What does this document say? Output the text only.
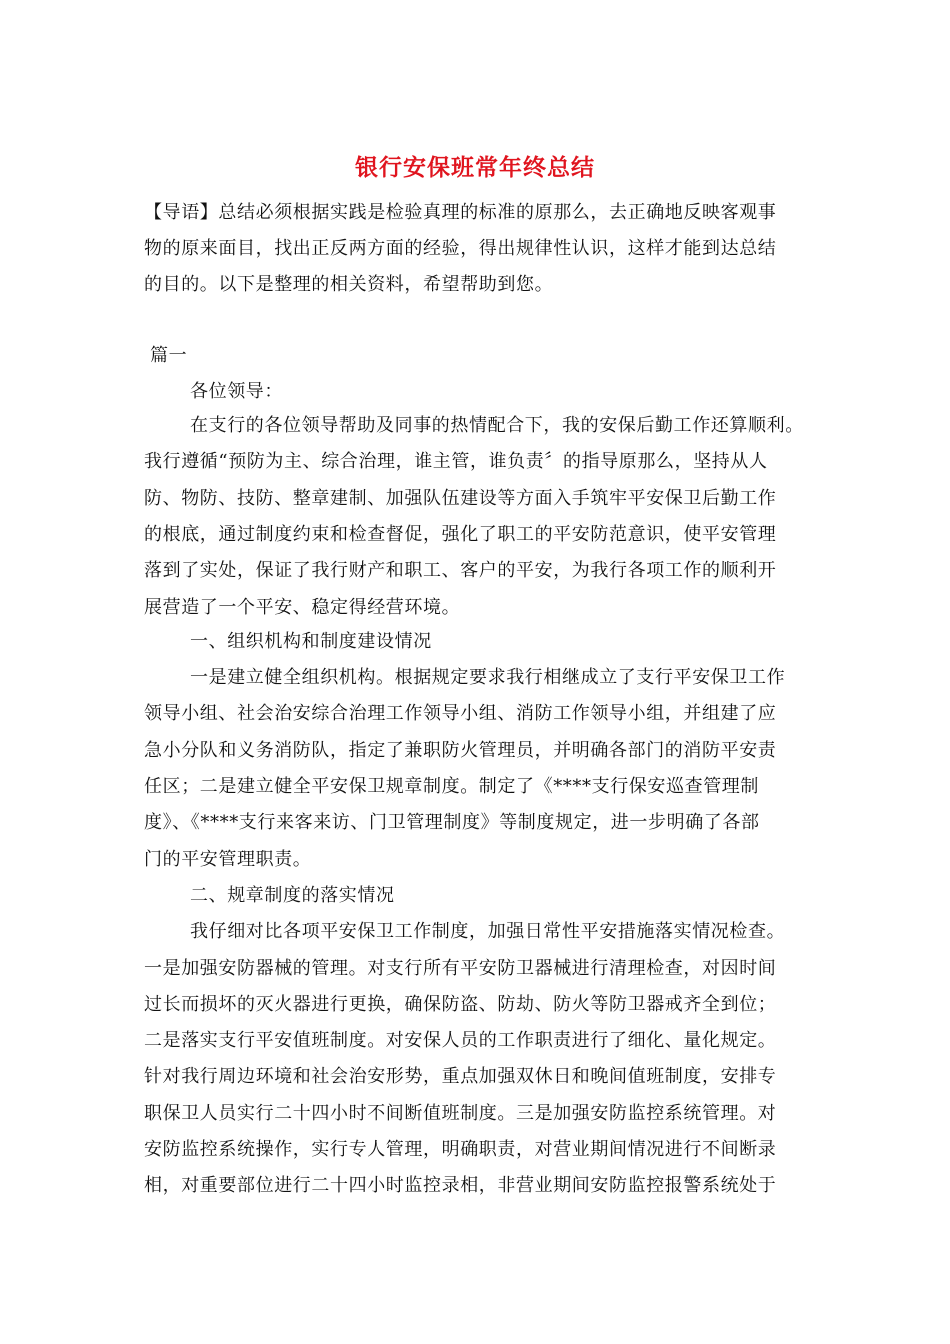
银行安保班常年终总结
【导语】总结必须根据实践是检验真理的标准的原那么，去正确地反映客观事
物的原来面目，找出正反两方面的经验，得出规律性认识，这样才能到达总结
的目的。以下是整理的相关资料，希望帮助到您。
篇一
各位领导：
在支行的各位领导帮助及同事的热情配合下，我的安保后勤工作还算顺利。
我行遵循“预防为主、综合治理，谁主管，谁负责〞的指导原那么，坚持从人
防、物防、技防、整章建制、加强队伍建设等方面入手筑牢平安保卫后勤工作
的根底，通过制度约束和检查督促，强化了职工的平安防范意识，使平安管理
落到了实处，保证了我行财产和职工、客户的平安，为我行各项工作的顺利开
展营造了一个平安、稳定得经营环境。
一、组织机构和制度建设情况
一是建立健全组织机构。根据规定要求我行相继成立了支行平安保卫工作
领导小组、社会治安综合治理工作领导小组、消防工作领导小组，并组建了应
急小分队和义务消防队，指定了兼职防火管理员，并明确各部门的消防平安责
任区；二是建立健全平安保卫规章制度。制定了《****支行保安巡查管理制
度》、《****支行来客来访、门卫管理制度》等制度规定，进一步明确了各部
门的平安管理职责。
二、规章制度的落实情况
我仔细对比各项平安保卫工作制度，加强日常性平安措施落实情况检查。
一是加强安防器械的管理。对支行所有平安防卫器械进行清理检查，对因时间
过长而损坏的灭火器进行更换，确保防盗、防劫、防火等防卫器戒齐全到位；
二是落实支行平安值班制度。对安保人员的工作职责进行了细化、量化规定。
针对我行周边环境和社会治安形势，重点加强双休日和晚间值班制度，安排专
职保卫人员实行二十四小时不间断值班制度。三是加强安防监控系统管理。对
安防监控系统操作，实行专人管理，明确职责，对营业期间情况进行不间断录
相，对重要部位进行二十四小时监控录相，非营业期间安防监控报警系统处于
